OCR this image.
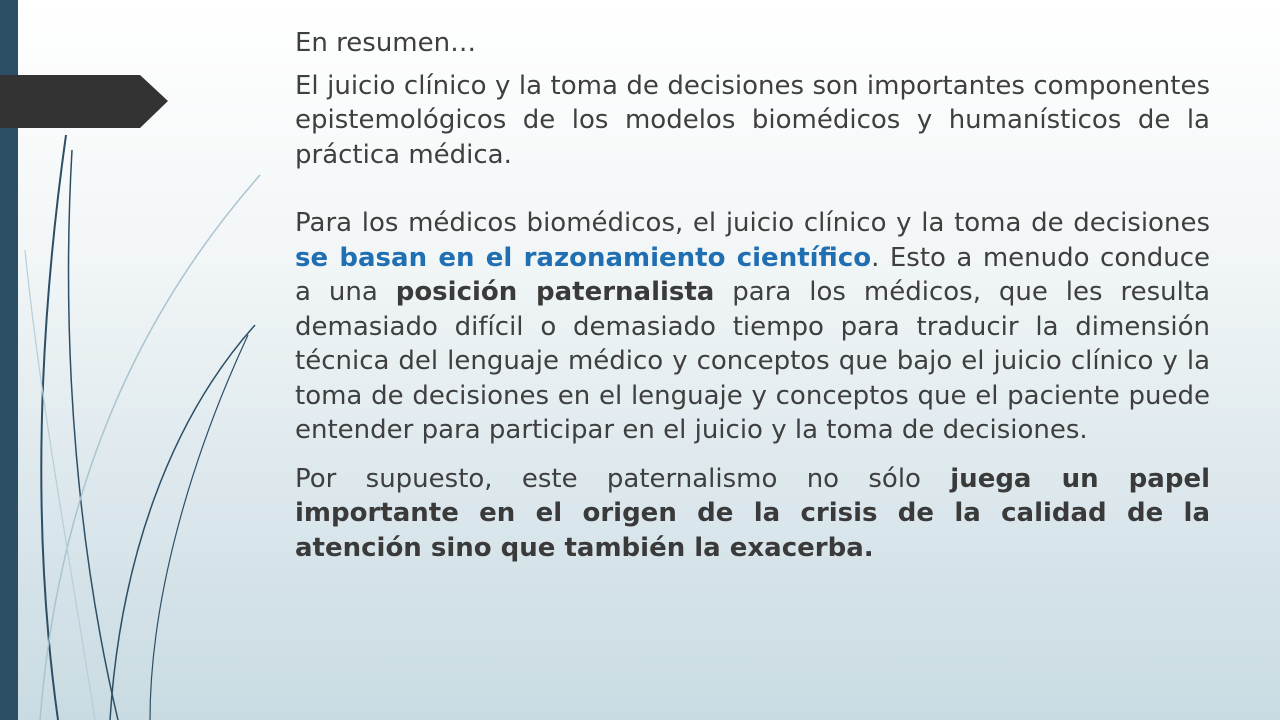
En resumen…

El juicio clínico y la toma de decisiones son importantes componentes epistemológicos de los modelos biomédicos y humanísticos de la práctica médica.

Para los médicos biomédicos, el juicio clínico y la toma de decisiones se basan en el razonamiento científico. Esto a menudo conduce a una posición paternalista para los médicos, que les resulta demasiado difícil o demasiado tiempo para traducir la dimensión técnica del lenguaje médico y conceptos que bajo el juicio clínico y la toma de decisiones en el lenguaje y conceptos que el paciente puede entender para participar en el juicio y la toma de decisiones.

Por supuesto, este paternalismo no sólo juega un papel importante en el origen de la crisis de la calidad de la atención sino que también la exacerba.
